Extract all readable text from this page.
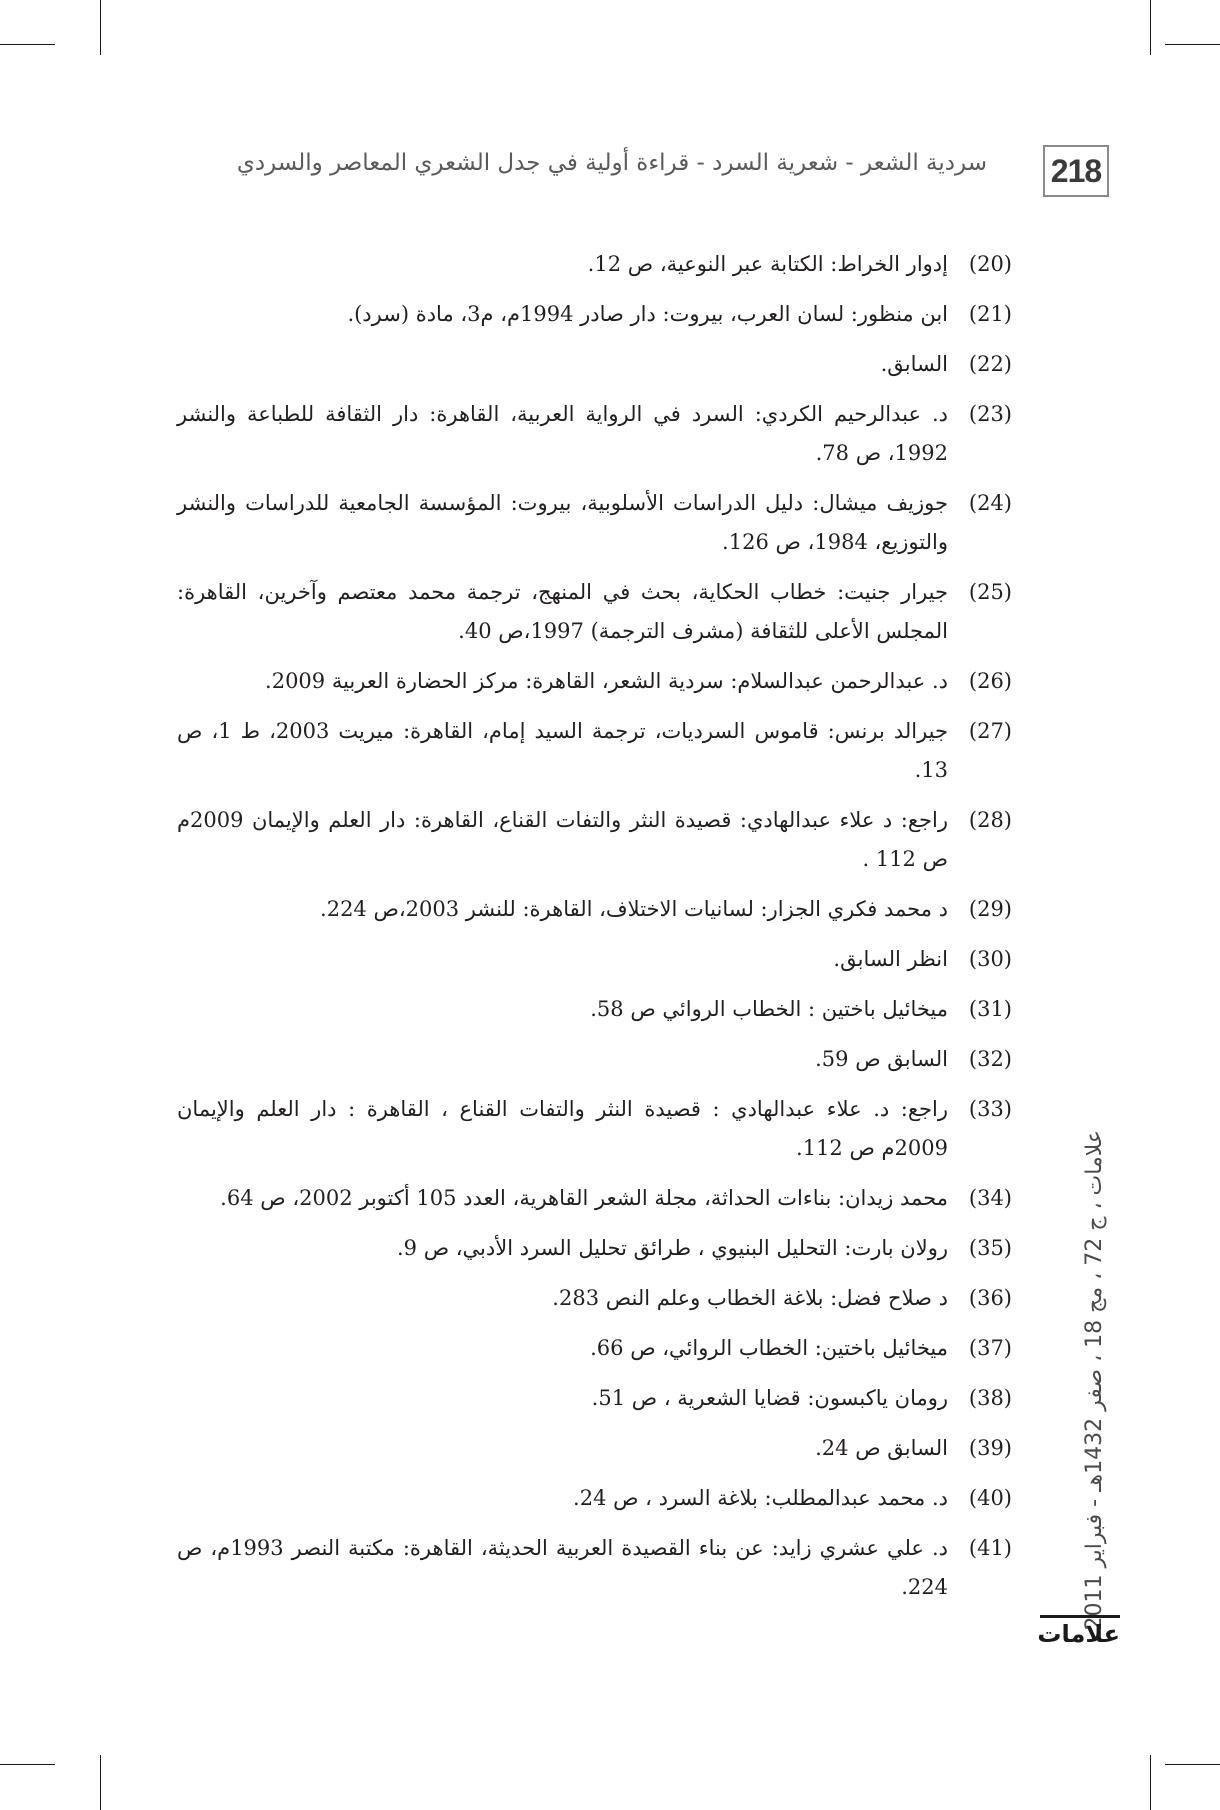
218
سردية الشعر - شعرية السرد - قراءة أولية في جدل الشعري المعاصر والسردي
(20)
إدوار الخراط: الكتابة عبر النوعية، ص 12.
(21)
ابن منظور: لسان العرب، بيروت: دار صادر 1994م، م3، مادة (سرد).
(22)
السابق.
(23)
د. عبدالرحيم الكردي: السرد في الرواية العربية، القاهرة: دار الثقافة للطباعة والنشر 1992، ص 78.
(24)
جوزيف ميشال: دليل الدراسات الأسلوبية، بيروت: المؤسسة الجامعية للدراسات والنشر والتوزيع، 1984، ص 126.
(25)
جيرار جنيت: خطاب الحكاية، بحث في المنهج، ترجمة محمد معتصم وآخرين، القاهرة: المجلس الأعلى للثقافة (مشرف الترجمة) 1997،ص 40.
(26)
د. عبدالرحمن عبدالسلام: سردية الشعر، القاهرة: مركز الحضارة العربية 2009.
(27)
جيرالد برنس: قاموس السرديات، ترجمة السيد إمام، القاهرة: ميريت 2003، ط 1، ص 13.
(28)
راجع: د علاء عبدالهادي: قصيدة النثر والتفات القناع، القاهرة: دار العلم والإيمان 2009م ص 112 .
(29)
د محمد فكري الجزار: لسانيات الاختلاف، القاهرة: للنشر 2003،ص 224.
(30)
انظر السابق.
(31)
ميخائيل باختين : الخطاب الروائي ص 58.
(32)
السابق ص 59.
(33)
راجع: د. علاء عبدالهادي : قصيدة النثر والتفات القناع ، القاهرة : دار العلم والإيمان 2009م ص 112.
(34)
محمد زيدان: بناءات الحداثة، مجلة الشعر القاهرية، العدد 105 أكتوبر 2002، ص 64.
(35)
رولان بارت: التحليل البنيوي ، طرائق تحليل السرد الأدبي، ص 9.
(36)
د صلاح فضل: بلاغة الخطاب وعلم النص 283.
(37)
ميخائيل باختين: الخطاب الروائي، ص 66.
(38)
رومان ياكبسون: قضايا الشعرية ، ص 51.
(39)
السابق ص 24.
(40)
د. محمد عبدالمطلب: بلاغة السرد ، ص 24.
(41)
د. علي عشري زايد: عن بناء القصيدة العربية الحديثة، القاهرة: مكتبة النصر 1993م، ص 224.	علامات ، ج 72 ، مج 18 ، صفر 1432هـ - فبراير 2011
علامات
